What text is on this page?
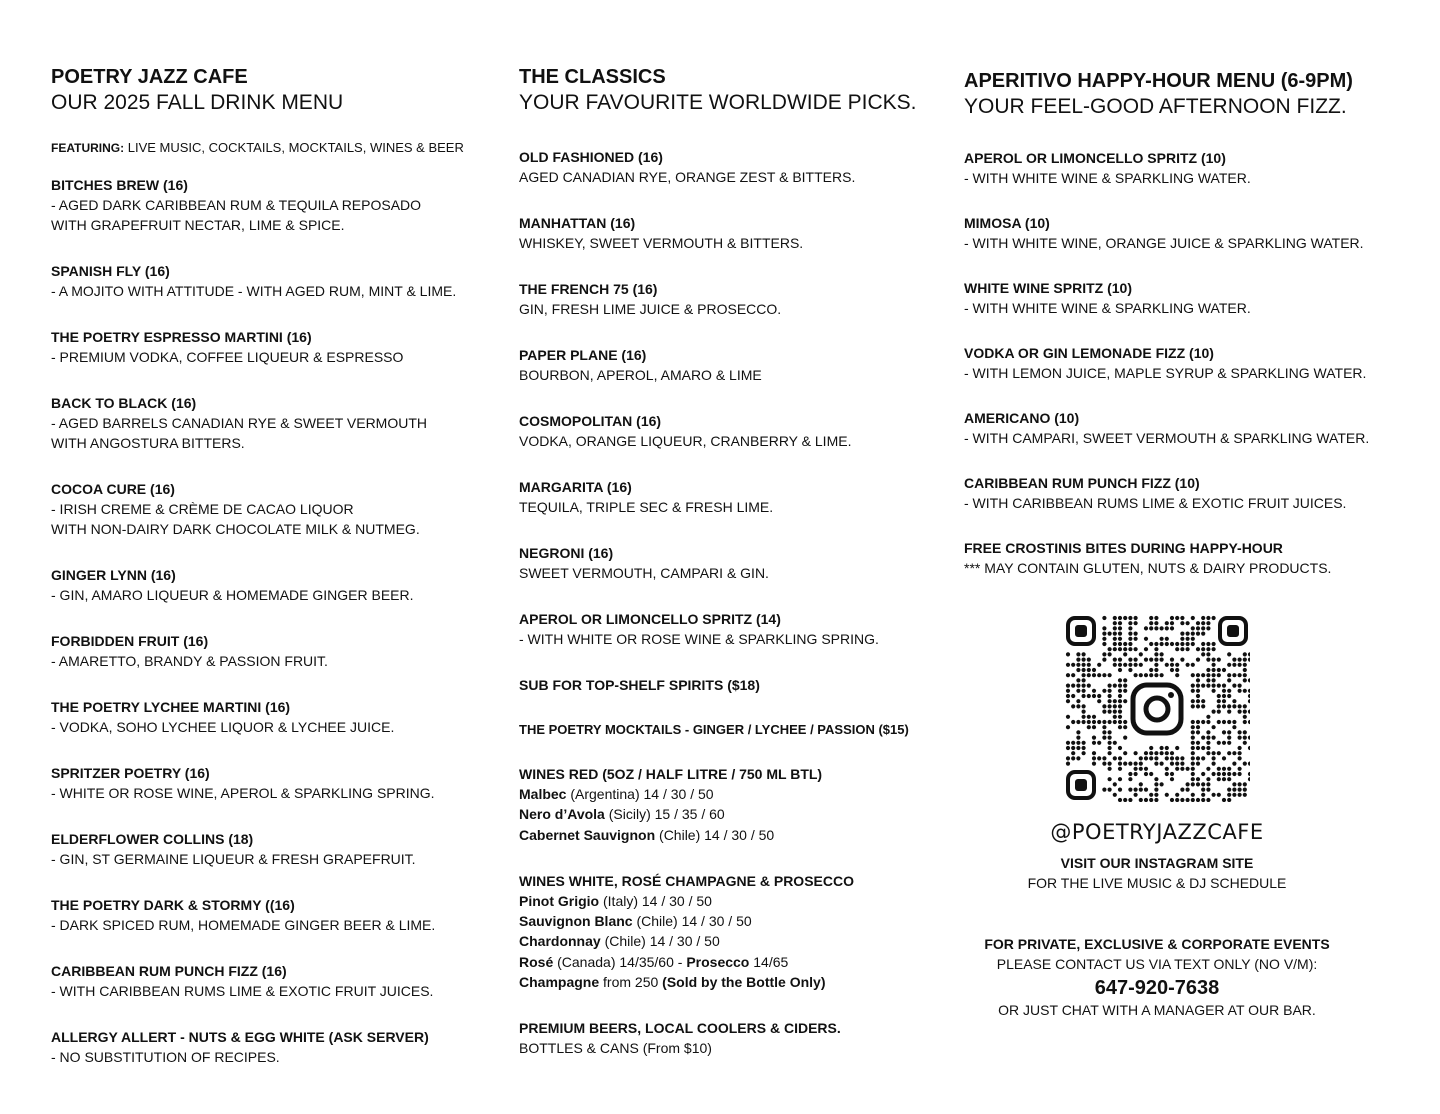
POETRY JAZZ CAFE

OUR 2025 FALL DRINK MENU

FEATURING: LIVE MUSIC, COCKTAILS, MOCKTAILS, WINES & BEER

BITCHES BREW (16)

- AGED DARK CARIBBEAN RUM & TEQUILA REPOSADO

WITH GRAPEFRUIT NECTAR, LIME & SPICE.

SPANISH FLY (16)

- A MOJITO WITH ATTITUDE - WITH AGED RUM, MINT & LIME.

THE POETRY ESPRESSO MARTINI (16)

- PREMIUM VODKA, COFFEE LIQUEUR & ESPRESSO

BACK TO BLACK (16)

- AGED BARRELS CANADIAN RYE & SWEET VERMOUTH

WITH ANGOSTURA BITTERS.

COCOA CURE (16)

- IRISH CREME & CRÈME DE CACAO LIQUOR

WITH NON-DAIRY DARK CHOCOLATE MILK & NUTMEG.

GINGER LYNN (16)

- GIN, AMARO LIQUEUR & HOMEMADE GINGER BEER.

FORBIDDEN FRUIT (16)

- AMARETTO, BRANDY & PASSION FRUIT.

THE POETRY LYCHEE MARTINI (16)

- VODKA, SOHO LYCHEE LIQUOR & LYCHEE JUICE.

SPRITZER POETRY (16)

- WHITE OR ROSE WINE, APEROL & SPARKLING SPRING.

ELDERFLOWER COLLINS (18)

- GIN, ST GERMAINE LIQUEUR & FRESH GRAPEFRUIT.

THE POETRY DARK & STORMY ((16)

- DARK SPICED RUM, HOMEMADE GINGER BEER & LIME.

CARIBBEAN RUM PUNCH FIZZ (16)

- WITH CARIBBEAN RUMS LIME & EXOTIC FRUIT JUICES.

ALLERGY ALLERT - NUTS & EGG WHITE (ASK SERVER)

- NO SUBSTITUTION OF RECIPES.

THE CLASSICS

YOUR FAVOURITE WORLDWIDE PICKS.

OLD FASHIONED (16)

AGED CANADIAN RYE, ORANGE ZEST & BITTERS.

MANHATTAN (16)

WHISKEY, SWEET VERMOUTH & BITTERS.

THE FRENCH 75 (16)

GIN, FRESH LIME JUICE & PROSECCO.

PAPER PLANE (16)

BOURBON, APEROL, AMARO & LIME

COSMOPOLITAN (16)

VODKA, ORANGE LIQUEUR, CRANBERRY & LIME.

MARGARITA (16)

TEQUILA, TRIPLE SEC & FRESH LIME.

NEGRONI (16)

SWEET VERMOUTH, CAMPARI & GIN.

APEROL OR LIMONCELLO SPRITZ (14)

- WITH WHITE OR ROSE WINE & SPARKLING SPRING.

SUB FOR TOP-SHELF SPIRITS ($18)

THE POETRY MOCKTAILS - GINGER / LYCHEE / PASSION ($15)

WINES RED (5OZ / HALF LITRE / 750 ML BTL)

Malbec (Argentina) 14 / 30 / 50

Nero d’Avola (Sicily) 15 / 35 / 60

Cabernet Sauvignon (Chile) 14 / 30 / 50

WINES WHITE, ROSÉ CHAMPAGNE & PROSECCO

Pinot Grigio (Italy) 14 / 30 / 50

Sauvignon Blanc (Chile) 14 / 30 / 50

Chardonnay (Chile) 14 / 30 / 50

Rosé (Canada) 14/35/60 - Prosecco 14/65

Champagne from 250 (Sold by the Bottle Only)

PREMIUM BEERS, LOCAL COOLERS & CIDERS.

BOTTLES & CANS (From $10)

APERITIVO HAPPY-HOUR MENU (6-9PM)

YOUR FEEL-GOOD AFTERNOON FIZZ.

APEROL OR LIMONCELLO SPRITZ (10)

- WITH WHITE WINE & SPARKLING WATER.

MIMOSA (10)

- WITH WHITE WINE, ORANGE JUICE & SPARKLING WATER.

WHITE WINE SPRITZ (10)

- WITH WHITE WINE & SPARKLING WATER.

VODKA OR GIN LEMONADE FIZZ (10)

- WITH LEMON JUICE, MAPLE SYRUP & SPARKLING WATER.

AMERICANO (10)

- WITH CAMPARI, SWEET VERMOUTH & SPARKLING WATER.

CARIBBEAN RUM PUNCH FIZZ (10)

- WITH CARIBBEAN RUMS LIME & EXOTIC FRUIT JUICES.

FREE CROSTINIS BITES DURING HAPPY-HOUR

*** MAY CONTAIN GLUTEN, NUTS & DAIRY PRODUCTS.

@POETRYJAZZCAFE

VISIT OUR INSTAGRAM SITE

FOR THE LIVE MUSIC & DJ SCHEDULE

FOR PRIVATE, EXCLUSIVE & CORPORATE EVENTS

PLEASE CONTACT US VIA TEXT ONLY (NO V/M):

647-920-7638

OR JUST CHAT WITH A MANAGER AT OUR BAR.
